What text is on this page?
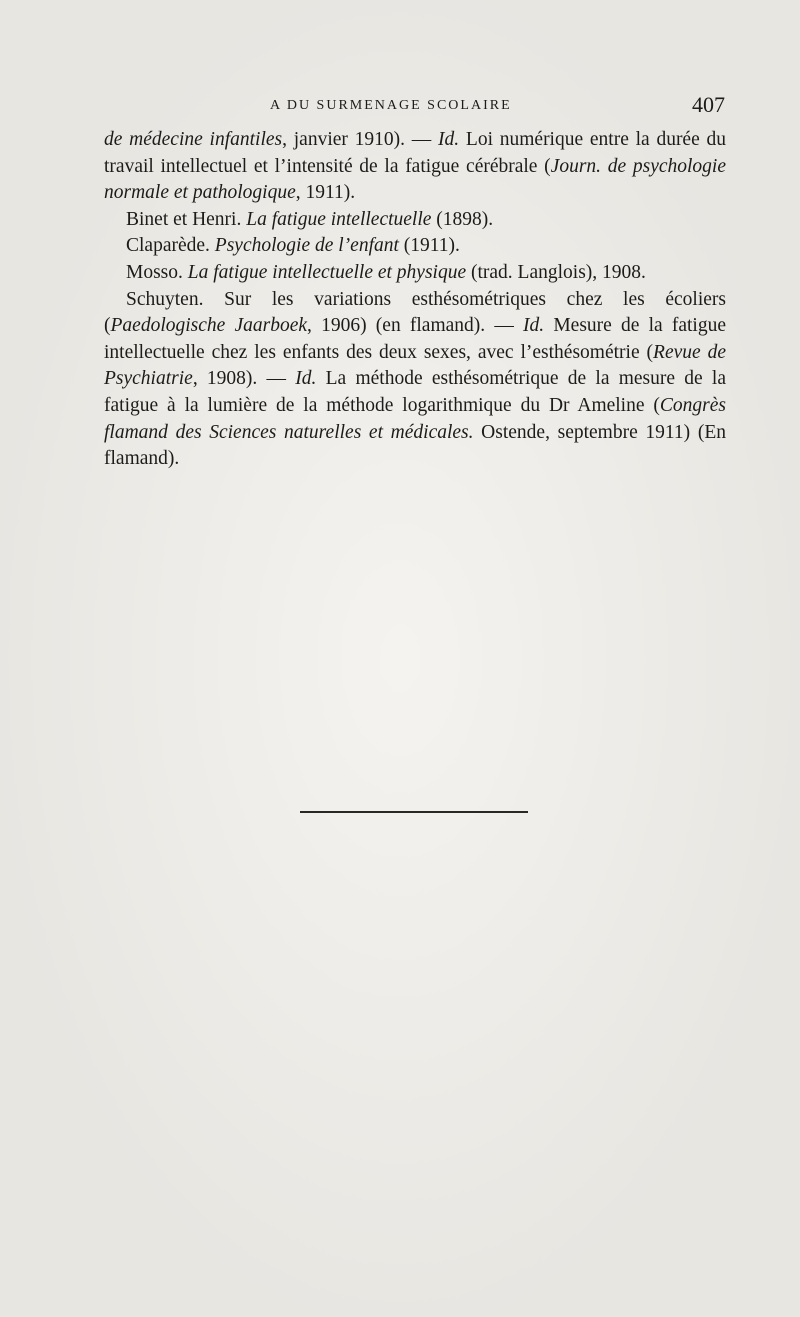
A DU SURMENAGE SCOLAIRE	407

de médecine infantiles, janvier 1910). — Id. Loi numérique entre la durée du travail intellectuel et l’intensité de la fatigue cérébrale (Journ. de psychologie normale et pathologique, 1911).

Binet et Henri. La fatigue intellectuelle (1898).

Claparède. Psychologie de l’enfant (1911).

Mosso. La fatigue intellectuelle et physique (trad. Langlois), 1908.

Schuyten. Sur les variations esthésométriques chez les écoliers (Paedologische Jaarboek, 1906) (en flamand). — Id. Mesure de la fatigue intellectuelle chez les enfants des deux sexes, avec l’esthésométrie (Revue de Psychiatrie, 1908). — Id. La méthode esthésométrique de la mesure de la fatigue à la lumière de la méthode logarithmique du Dr Ameline (Congrès flamand des Sciences naturelles et médicales. Ostende, septembre 1911) (En flamand).
